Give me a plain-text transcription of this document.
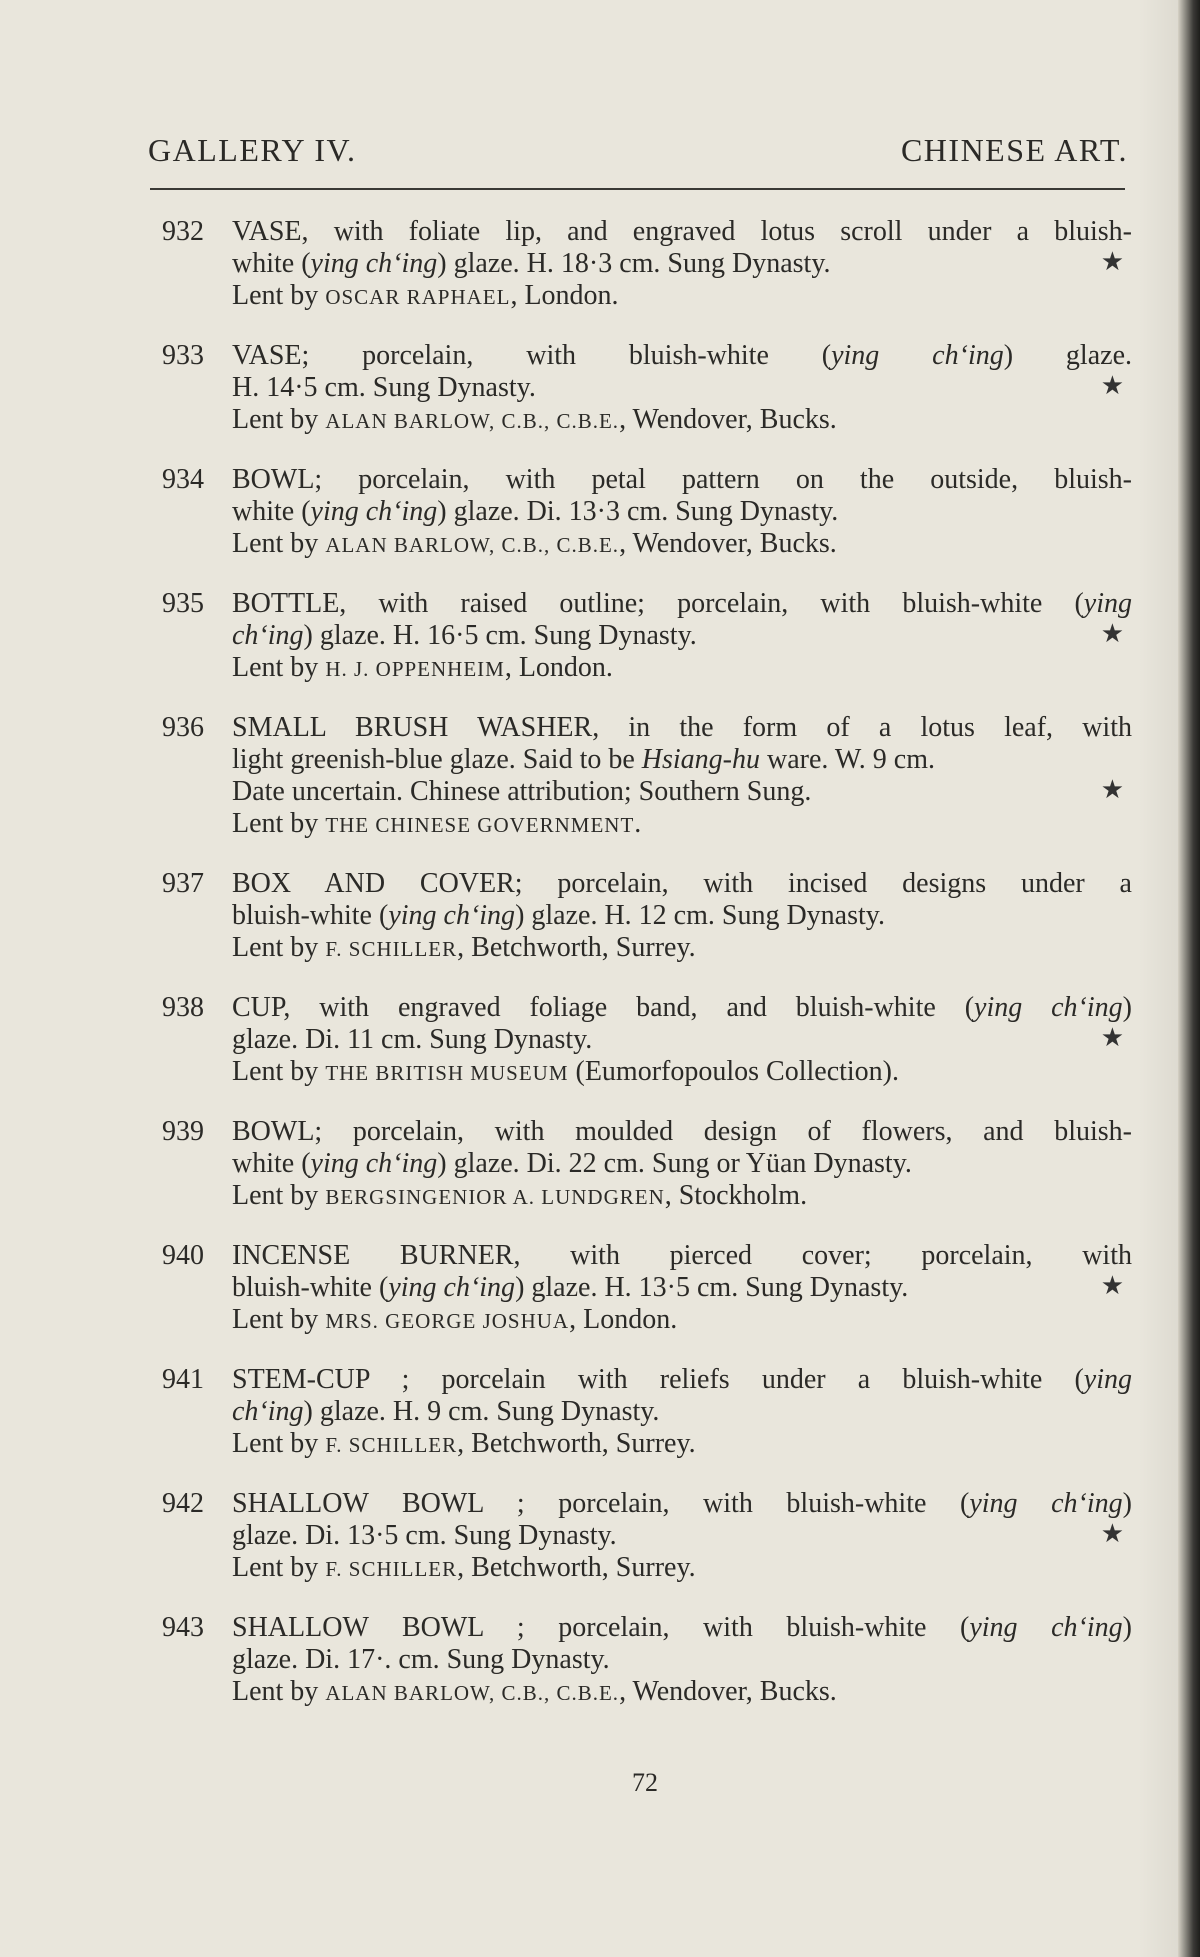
GALLERY IV.	CHINESE ART.
932	VASE, with foliate lip, and engraved lotus scroll under a bluish-
white (ying ch‘ing) glaze. H. 18·3 cm. Sung Dynasty.	★
Lent by OSCAR RAPHAEL, London.
933	VASE; porcelain, with bluish-white (ying ch‘ing) glaze.
H. 14·5 cm. Sung Dynasty.	★
Lent by ALAN BARLOW, C.B., C.B.E., Wendover, Bucks.
934	BOWL; porcelain, with petal pattern on the outside, bluish-
white (ying ch‘ing) glaze. Di. 13·3 cm. Sung Dynasty.
Lent by ALAN BARLOW, C.B., C.B.E., Wendover, Bucks.
935	BOTTLE, with raised outline; porcelain, with bluish-white (ying
ch‘ing) glaze. H. 16·5 cm. Sung Dynasty.	★
Lent by H. J. OPPENHEIM, London.
936	SMALL BRUSH WASHER, in the form of a lotus leaf, with
light greenish-blue glaze. Said to be Hsiang-hu ware. W. 9 cm.
Date uncertain. Chinese attribution; Southern Sung.	★
Lent by THE CHINESE GOVERNMENT.
937	BOX AND COVER; porcelain, with incised designs under a
bluish-white (ying ch‘ing) glaze. H. 12 cm. Sung Dynasty.
Lent by F. SCHILLER, Betchworth, Surrey.
938	CUP, with engraved foliage band, and bluish-white (ying ch‘ing)
glaze. Di. 11 cm. Sung Dynasty.	★
Lent by THE BRITISH MUSEUM (Eumorfopoulos Collection).
939	BOWL; porcelain, with moulded design of flowers, and bluish-
white (ying ch‘ing) glaze. Di. 22 cm. Sung or Yüan Dynasty.
Lent by BERGSINGENIOR A. LUNDGREN, Stockholm.
940	INCENSE BURNER, with pierced cover; porcelain, with
bluish-white (ying ch‘ing) glaze. H. 13·5 cm. Sung Dynasty.	★
Lent by MRS. GEORGE JOSHUA, London.
941	STEM-CUP ; porcelain with reliefs under a bluish-white (ying
ch‘ing) glaze. H. 9 cm. Sung Dynasty.
Lent by F. SCHILLER, Betchworth, Surrey.
942	SHALLOW BOWL ; porcelain, with bluish-white (ying ch‘ing)
glaze. Di. 13·5 cm. Sung Dynasty.	★
Lent by F. SCHILLER, Betchworth, Surrey.
943	SHALLOW BOWL ; porcelain, with bluish-white (ying ch‘ing)
glaze. Di. 17·. cm. Sung Dynasty.
Lent by ALAN BARLOW, C.B., C.B.E., Wendover, Bucks.
72
